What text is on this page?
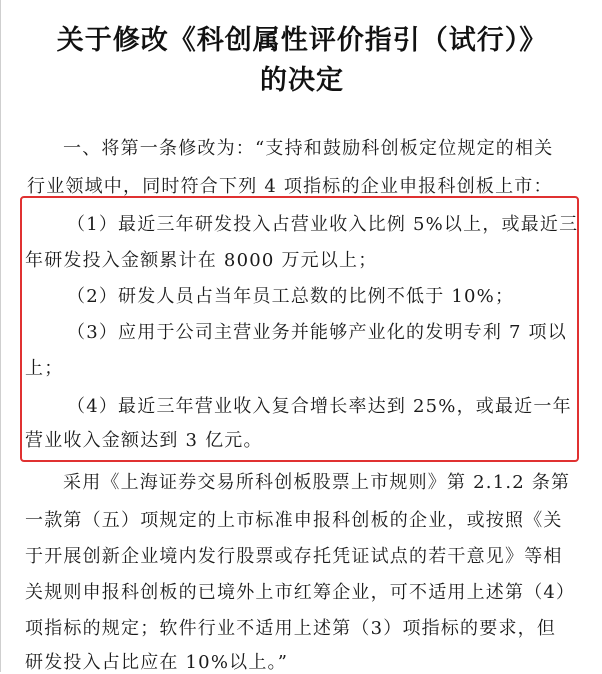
关于修改《科创属性评价指引（试行）》
的决定
一、将第一条修改为：“支持和鼓励科创板定位规定的相关
行业领域中，同时符合下列 4 项指标的企业申报科创板上市：
（1）最近三年研发投入占营业收入比例 5%以上，或最近三
年研发投入金额累计在 8000 万元以上；
（2）研发人员占当年员工总数的比例不低于 10%；
（3）应用于公司主营业务并能够产业化的发明专利 7 项以
上；
（4）最近三年营业收入复合增长率达到 25%，或最近一年
营业收入金额达到 3 亿元。
采用《上海证券交易所科创板股票上市规则》第 2.1.2 条第
一款第（五）项规定的上市标准申报科创板的企业，或按照《关
于开展创新企业境内发行股票或存托凭证试点的若干意见》等相
关规则申报科创板的已境外上市红筹企业，可不适用上述第（4）
项指标的规定；软件行业不适用上述第（3）项指标的要求，但
研发投入占比应在 10%以上。”
